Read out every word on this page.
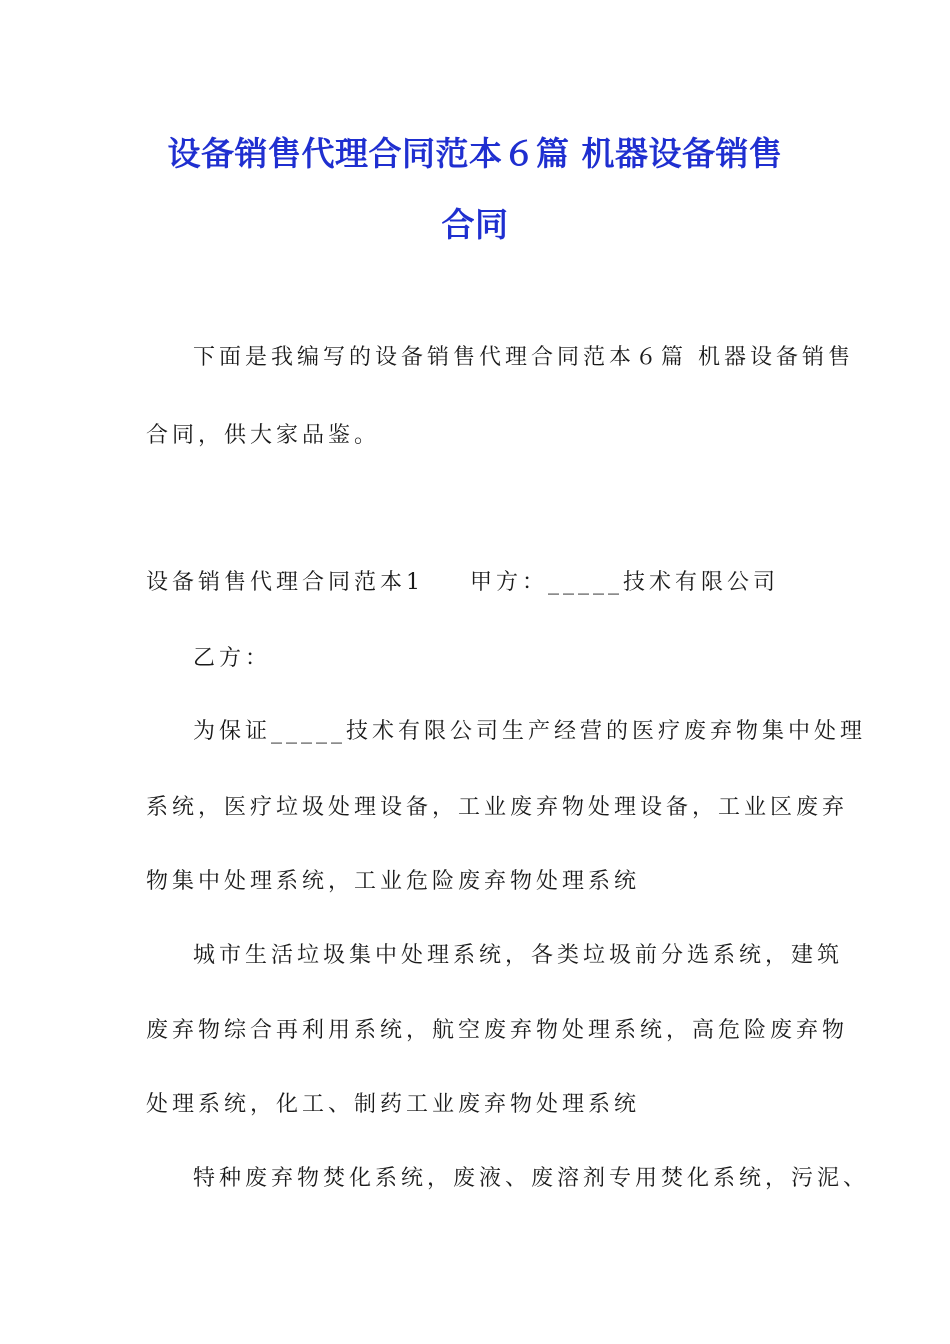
设备销售代理合同范本６篇 机器设备销售
合同
下面是我编写的设备销售代理合同范本６篇 机器设备销售
合同，供大家品鉴。
设备销售代理合同范本1 甲方：_____技术有限公司
乙方：
为保证_____技术有限公司生产经营的医疗废弃物集中处理
系统，医疗垃圾处理设备，工业废弃物处理设备，工业区废弃
物集中处理系统，工业危险废弃物处理系统
城市生活垃圾集中处理系统，各类垃圾前分选系统，建筑
废弃物综合再利用系统，航空废弃物处理系统，高危险废弃物
处理系统，化工、制药工业废弃物处理系统
特种废弃物焚化系统，废液、废溶剂专用焚化系统，污泥、
